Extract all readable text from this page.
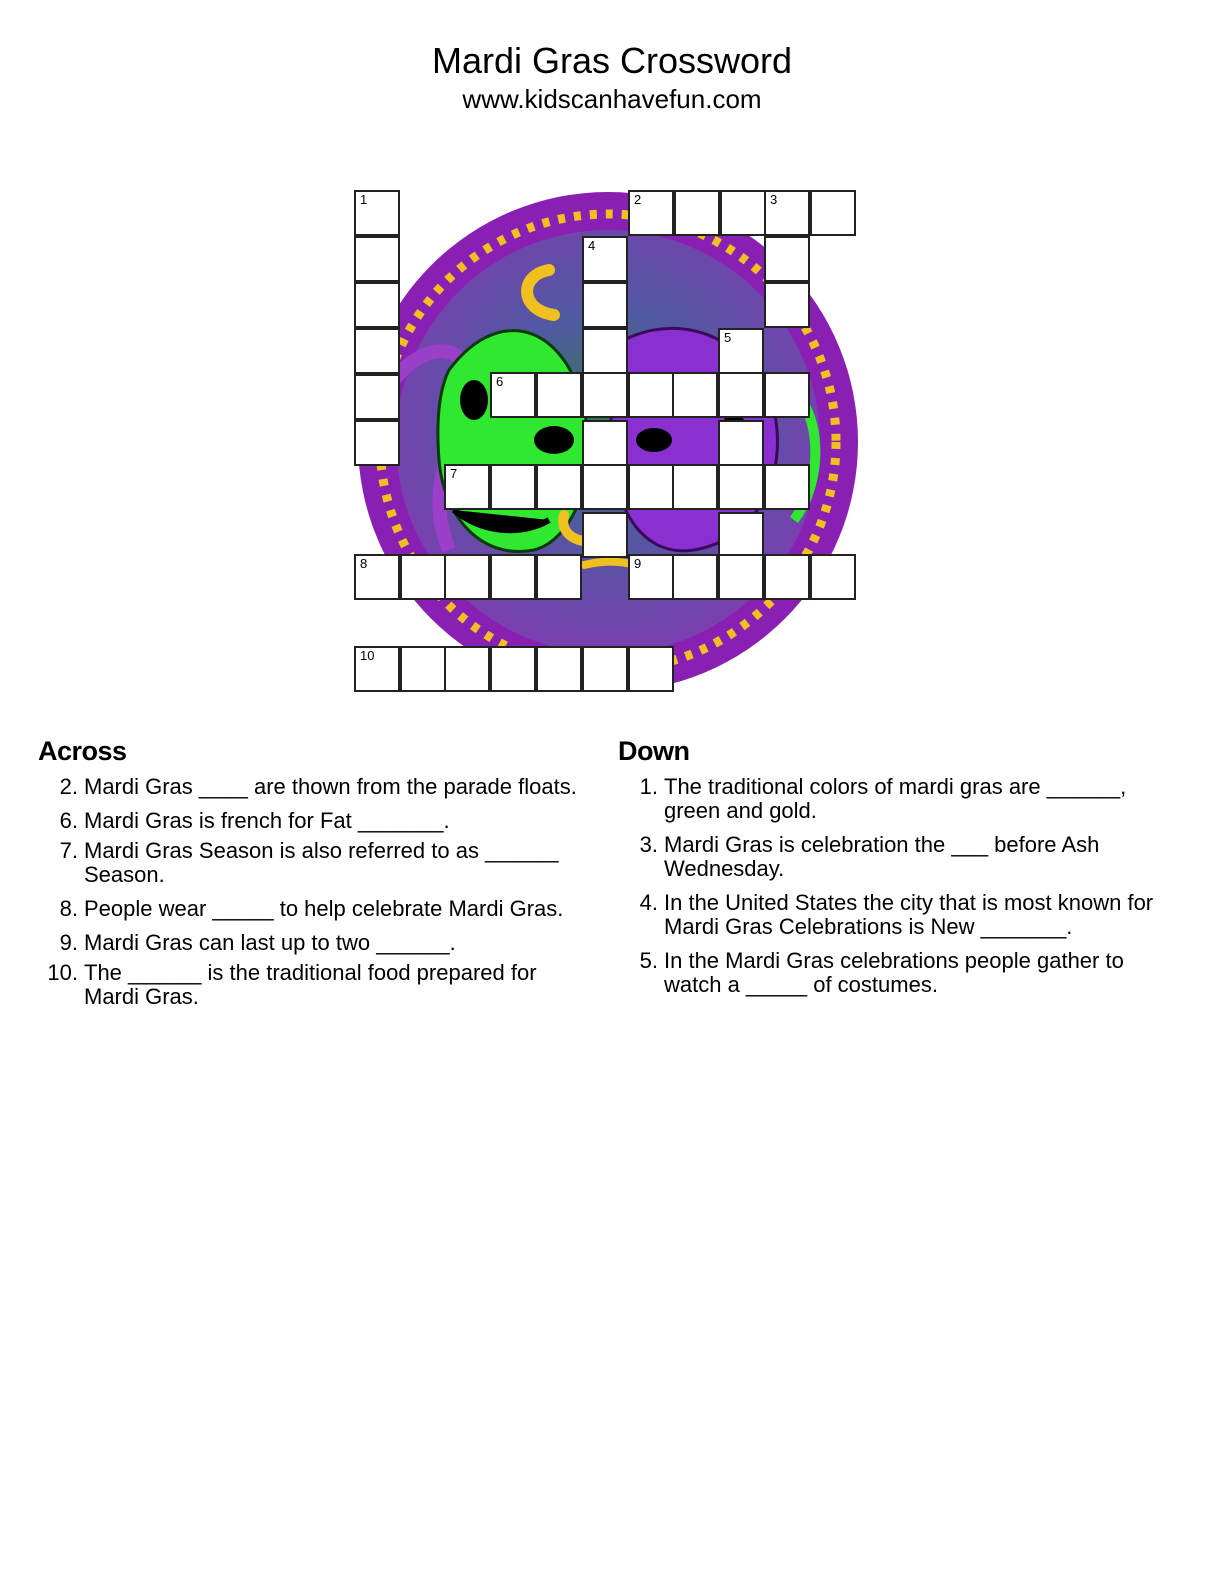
Mardi Gras Crossword
www.kidscanhavefun.com
1	2	3
4
5
6
7
8	9
10
Across
2. Mardi Gras ____ are thown from the parade floats.
6. Mardi Gras is french for Fat _______.
7. Mardi Gras Season is also referred to as ______ Season.
8. People wear _____ to help celebrate Mardi Gras.
9. Mardi Gras can last up to two ______.
10. The ______ is the traditional food prepared for Mardi Gras.
Down
1. The traditional colors of mardi gras are ______, green and gold.
3. Mardi Gras is celebration the ___ before Ash Wednesday.
4. In the United States the city that is most known for Mardi Gras Celebrations is New _______.
5. In the Mardi Gras celebrations people gather to watch a _____ of costumes.
